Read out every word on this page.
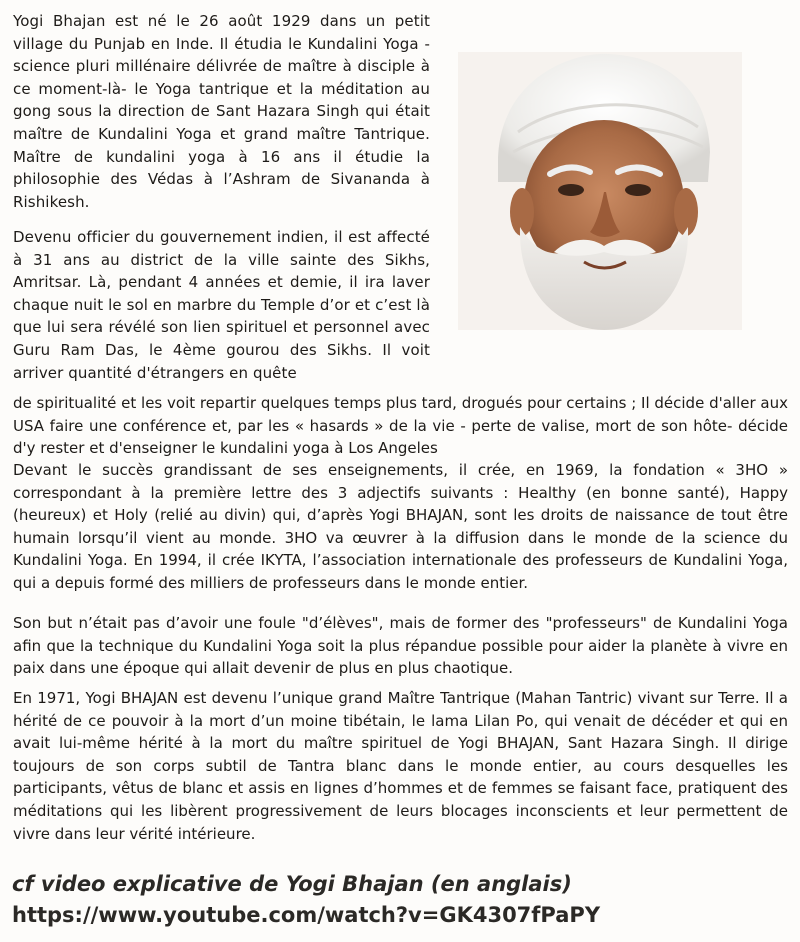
Yogi Bhajan est né le 26 août 1929 dans un petit village du Punjab en Inde. Il étudia le Kundalini Yoga - science pluri millénaire délivrée de maître à disciple à ce moment-là- le Yoga tantrique et la méditation au gong sous la direction de Sant Hazara Singh qui était maître de Kundalini Yoga et grand maître Tantrique. Maître de kundalini yoga à 16 ans il étudie la philosophie des Védas à l’Ashram de Sivananda à Rishikesh.

Devenu officier du gouvernement indien, il est affecté à 31 ans au district de la ville sainte des Sikhs, Amritsar. Là, pendant 4 années et demie, il ira laver chaque nuit le sol en marbre du Temple d’or et c’est là que lui sera révélé son lien spirituel et personnel avec Guru Ram Das, le 4ème gourou des Sikhs. Il voit arriver quantité d'étrangers en quête

de spiritualité et les voit repartir quelques temps plus tard, drogués pour certains ; Il décide d'aller aux USA faire une conférence et, par les « hasards » de la vie - perte de valise, mort de son hôte- décide d'y rester et d'enseigner le kundalini yoga à Los Angeles

Devant le succès grandissant de ses enseignements, il crée, en 1969, la fondation « 3HO » correspondant à la première lettre des 3 adjectifs suivants : Healthy (en bonne santé), Happy (heureux) et Holy (relié au divin) qui, d’après Yogi BHAJAN, sont les droits de naissance de tout être humain lorsqu’il vient au monde. 3HO va œuvrer à la diffusion dans le monde de la science du Kundalini Yoga. En 1994, il crée IKYTA, l’association internationale des professeurs de Kundalini Yoga, qui a depuis formé des milliers de professeurs dans le monde entier.

Son but n’était pas d’avoir une foule "d’élèves", mais de former des "professeurs" de Kundalini Yoga afin que la technique du Kundalini Yoga soit la plus répandue possible pour aider la planète à vivre en paix dans une époque qui allait devenir de plus en plus chaotique.

En 1971, Yogi BHAJAN est devenu l’unique grand Maître Tantrique (Mahan Tantric) vivant sur Terre. Il a hérité de ce pouvoir à la mort d’un moine tibétain, le lama Lilan Po, qui venait de décéder et qui en avait lui-même hérité à la mort du maître spirituel de Yogi BHAJAN, Sant Hazara Singh. Il dirige toujours de son corps subtil de Tantra blanc dans le monde entier, au cours desquelles les participants, vêtus de blanc et assis en lignes d’hommes et de femmes se faisant face, pratiquent des méditations qui les libèrent progressivement de leurs blocages inconscients et leur permettent de vivre dans leur vérité intérieure.

cf video explicative de Yogi Bhajan (en anglais)

https://www.youtube.com/watch?v=GK4307fPaPY
